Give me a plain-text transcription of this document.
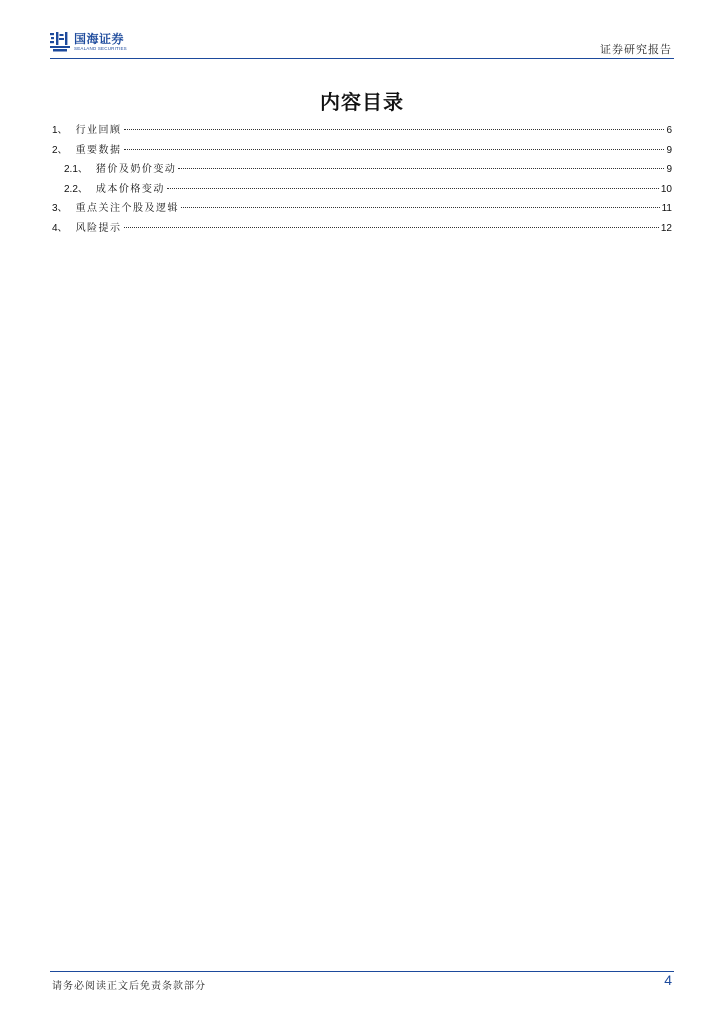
国海证券
SEALAND SECURITIES	证券研究报告
内容目录
1、 行业回顾	6
2、 重要数据	9
2.1、 猪价及奶价变动	9
2.2、 成本价格变动	10
3、 重点关注个股及逻辑	11
4、 风险提示	12
请务必阅读正文后免责条款部分	4
